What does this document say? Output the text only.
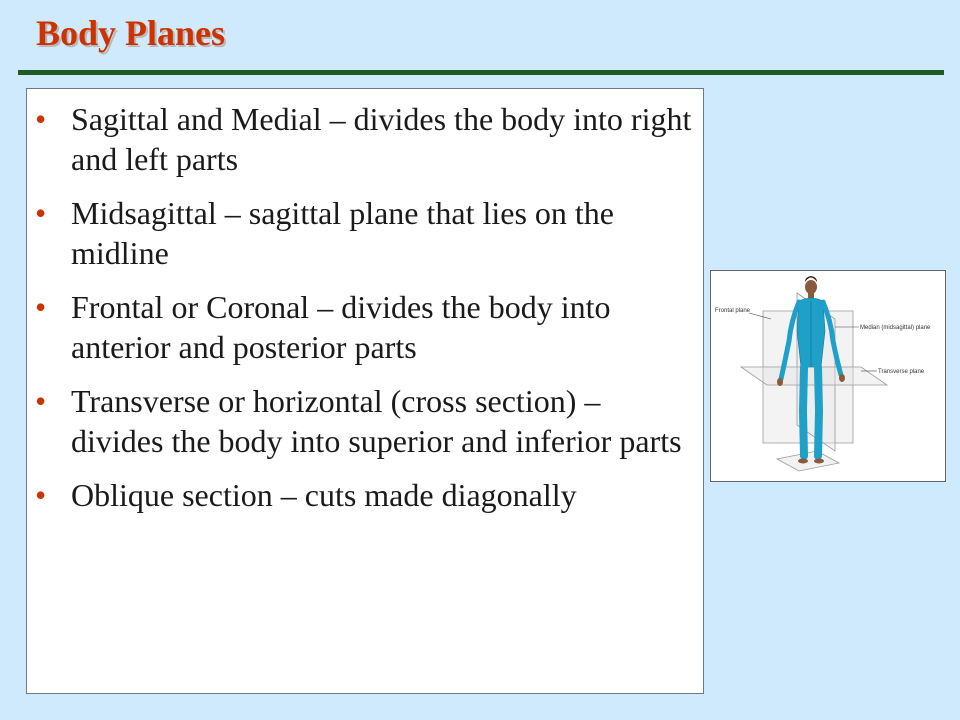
Body Planes
• Sagittal and Medial – divides the body into right and left parts
• Midsagittal – sagittal plane that lies on the midline
• Frontal or Coronal – divides the body into anterior and posterior parts
• Transverse or horizontal (cross section) – divides the body into superior and inferior parts
• Oblique section – cuts made diagonally
Frontal plane
Median (midsagittal) plane
Transverse plane
